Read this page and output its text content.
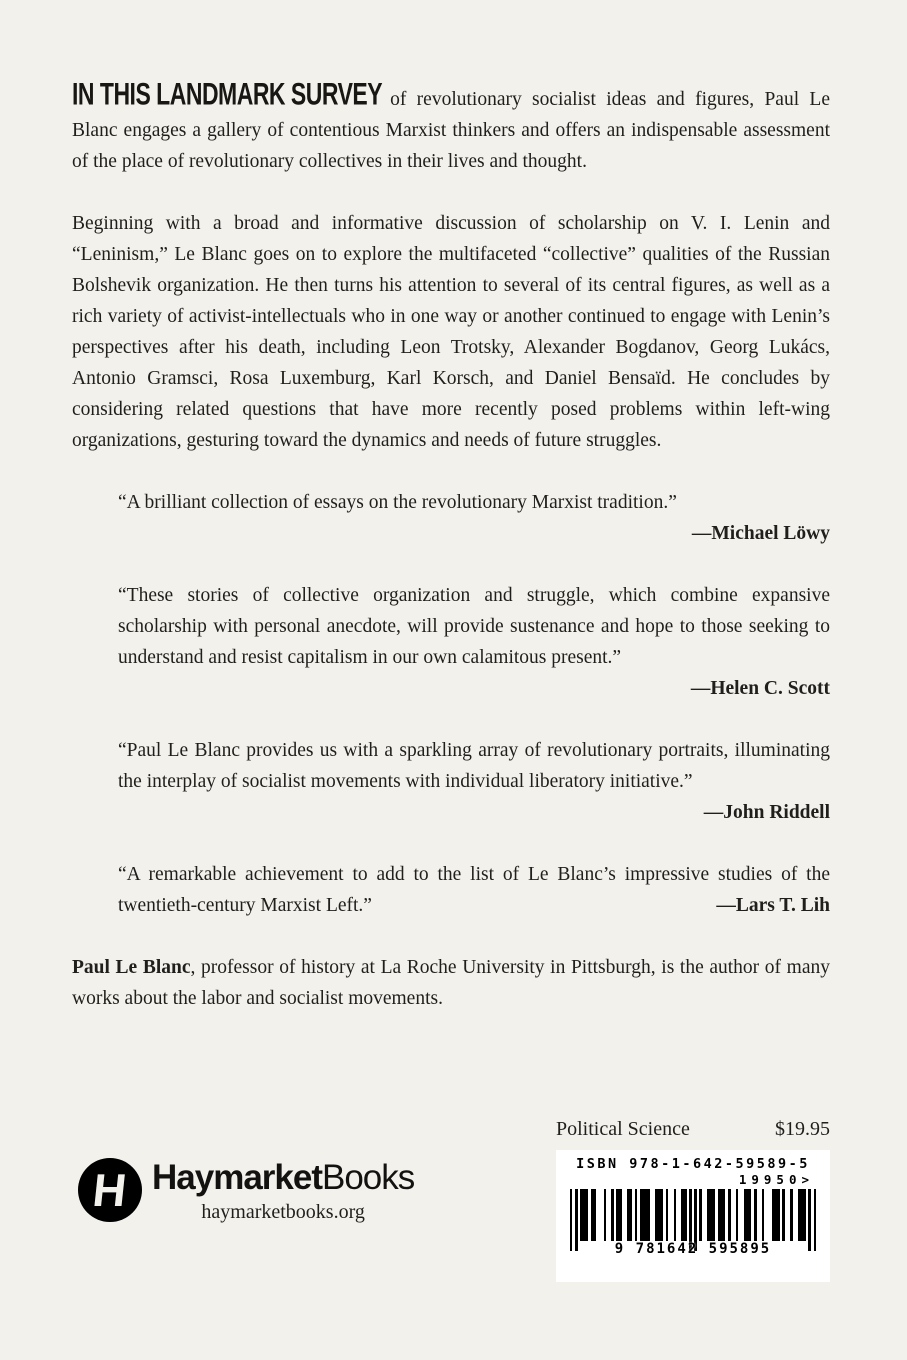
IN THIS LANDMARK SURVEY of revolutionary socialist ideas and figures, Paul Le Blanc engages a gallery of contentious Marxist thinkers and offers an indispensable assessment of the place of revolutionary collectives in their lives and thought.

Beginning with a broad and informative discussion of scholarship on V. I. Lenin and “Leninism,” Le Blanc goes on to explore the multifaceted “collective” qualities of the Russian Bolshevik organization. He then turns his attention to several of its central figures, as well as a rich variety of activist-intellectuals who in one way or another continued to engage with Lenin’s perspectives after his death, including Leon Trotsky, Alexander Bogdanov, Georg Lukács, Antonio Gramsci, Rosa Luxemburg, Karl Korsch, and Daniel Bensaïd. He concludes by considering related questions that have more recently posed problems within left-wing organizations, gesturing toward the dynamics and needs of future struggles.

“A brilliant collection of essays on the revolutionary Marxist tradition.”

—Michael Löwy

“These stories of collective organization and struggle, which combine expansive scholarship with personal anecdote, will provide sustenance and hope to those seeking to understand and resist capitalism in our own calamitous present.”

—Helen C. Scott

“Paul Le Blanc provides us with a sparkling array of revolutionary portraits, illuminating the interplay of socialist movements with individual liberatory initiative.”

—John Riddell

“A remarkable achievement to add to the list of Le Blanc’s impressive studies of the twentieth-century Marxist Left.”	—Lars T. Lih

Paul Le Blanc, professor of history at La Roche University in Pittsburgh, is the author of many works about the labor and socialist movements.

Political Science	$19.95
ISBN 978-1-642-59589-5
19950>
9 781642 595895
H HaymarketBooks
haymarketbooks.org
